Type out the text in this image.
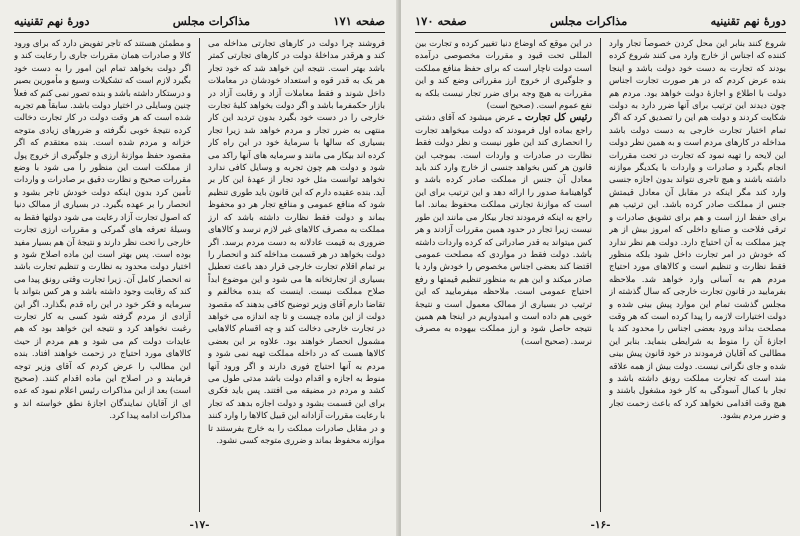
صفحه ۱۷۱
مذاکرات مجلس
دورهٔ نهم تقنینیه

فروشند چرا دولت در کارهای تجارتی مداخله می کند و هرقدر مداخلهٔ دولت در کارهای تجارتی کمتر باشد بهتر است. نتیجه این خواهد شد که خود تجار هر یک به قدر قوه و استعداد خودشان در معاملات داخل شوند و فقط معاملات آزاد و رقابت آزاد در بازار حکمفرما باشد و اگر دولت بخواهد کلیهٔ تجارت خارجی را در دست خود بگیرد بدون تردید این کار منتهی به ضرر تجار و مردم خواهد شد زیرا تجار بسیاری که سالها با سرمایهٔ خود در این راه کار کرده اند بیکار می مانند و سرمایه های آنها راکد می شود و دولت هم چون تجربه و وسایل کافی ندارد نخواهد توانست مثل خود تجار از عهدهٔ این کار بر آید. بنده عقیده دارم که این قانون باید طوری تنظیم شود که منافع عمومی و منافع تجار هر دو محفوظ بماند و دولت فقط نظارت داشته باشد که ارز مملکت به مصرف کالاهای غیر لازم نرسد و کالاهای ضروری به قیمت عادلانه به دست مردم برسد. اگر دولت بخواهد در هر قسمت مداخله کند و انحصار را بر تمام اقلام تجارت خارجی قرار دهد باعث تعطیل بسیاری از تجارتخانه ها می شود و این موضوع ابداً صلاح مملکت نیست. اینست که بنده مخالفم و تقاضا دارم آقای وزیر توضیح کافی بدهند که مقصود دولت از این ماده چیست و تا چه اندازه می خواهد در تجارت خارجی دخالت کند و چه اقسام کالاهایی مشمول انحصار خواهند بود. علاوه بر این بعضی کالاها هست که در داخله مملکت تهیه نمی شود و مردم به آنها احتیاج فوری دارند و اگر ورود آنها منوط به اجازه و اقدام دولت باشد مدتی طول می کشد و مردم در مضیقه می افتند. پس باید فکری برای این قسمت بشود و دولت اجازه بدهد که تجار با رعایت مقررات آزادانه این قبیل کالاها را وارد کنند و در مقابل صادرات مملکت را به خارج بفرستند تا موازنه محفوظ بماند و ضرری متوجه کسی نشود.

و مطمئن هستند که تاجر تفویض دارد که برای ورود کالا و صادرات همان مقررات جاری را رعایت کند و اگر دولت بخواهد تمام این امور را به دست خود بگیرد لازم است که تشکیلات وسیع و مأمورین بصیر و درستکار داشته باشد و بنده تصور نمی کنم که فعلاً چنین وسایلی در اختیار دولت باشد. سابقاً هم تجربه شده است که هر وقت دولت در کار تجارت دخالت کرده نتیجهٔ خوبی نگرفته و ضررهای زیادی متوجه خزانه و مردم شده است. بنده معتقدم که اگر مقصود حفظ موازنهٔ ارزی و جلوگیری از خروج پول از مملکت است این منظور را می شود با وضع مقررات صحیح و نظارت دقیق بر صادرات و واردات تأمین کرد بدون اینکه دولت خودش تاجر بشود و انحصار را بر عهده بگیرد. در بسیاری از ممالک دنیا که اصول تجارت آزاد رعایت می شود دولتها فقط به وسیلهٔ تعرفه های گمرکی و مقررات ارزی تجارت خارجی را تحت نظر دارند و نتیجهٔ آن هم بسیار مفید بوده است. پس بهتر است این ماده اصلاح شود و اختیار دولت محدود به نظارت و تنظیم تجارت باشد نه انحصار کامل آن. زیرا تجارت وقتی رونق پیدا می کند که رقابت وجود داشته باشد و هر کس بتواند با سرمایه و فکر خود در این راه قدم بگذارد. اگر این آزادی از مردم گرفته شود کسی به کار تجارت رغبت نخواهد کرد و نتیجه این خواهد بود که هم عایدات دولت کم می شود و هم مردم از حیث کالاهای مورد احتیاج در زحمت خواهند افتاد. بنده این مطالب را عرض کردم که آقای وزیر توجه فرمایند و در اصلاح این ماده اقدام کنند. (صحیح است) بعد از این مذاکرات رئیس اعلام نمود که عده ای از آقایان نمایندگان اجازهٔ نطق خواسته اند و مذاکرات ادامه پیدا کرد.

-۱۷-
دورهٔ نهم تقنینیه
مذاکرات مجلس
صفحه ۱۷۰

شروع کنند بنابر این محل کردن خصوصاً تجار وارد کننده که اجناس از خارج وارد می کنند شروع کرده بودند که تجارت به دست خود دولت باشد و اینجا بنده عرض کردم که در هر صورت تجارت اجناس دولت با اطلاع و اجازهٔ دولت خواهد بود. مردم هم چون دیدند این ترتیب برای آنها ضرر دارد به دولت شکایت کردند و دولت هم این را تصدیق کرد که اگر تمام اختیار تجارت خارجی به دست دولت باشد مداخله در کارهای مردم است و به همین نظر دولت این لایحه را تهیه نمود که تجارت در تحت مقررات انجام بگیرد و صادرات و واردات با یکدیگر موازنه داشته باشند و هیچ تاجری نتواند بدون اجازه جنسی وارد کند مگر اینکه در مقابل آن معادل قیمتش جنس از مملکت صادر کرده باشد. این ترتیب هم برای حفظ ارز است و هم برای تشویق صادرات و ترقی فلاحت و صنایع داخلی که امروز بیش از هر چیز مملکت به آن احتیاج دارد. دولت هم نظر ندارد که خودش در امر تجارت داخل شود بلکه منظور فقط نظارت و تنظیم است و کالاهای مورد احتیاج مردم هم به آسانی وارد خواهد شد. ملاحظه بفرمایید در قانون تجارت خارجی که سال گذشته از مجلس گذشت تمام این موارد پیش بینی شده و دولت اختیارات لازمه را پیدا کرده است که هر وقت مصلحت بداند ورود بعضی اجناس را محدود کند یا اجازهٔ آن را منوط به شرایطی بنماید. بنابر این مطالبی که آقایان فرمودند در خود قانون پیش بینی شده و جای نگرانی نیست. دولت بیش از همه علاقه مند است که تجارت مملکت رونق داشته باشد و تجار با کمال آسودگی به کار خود مشغول باشند و هیچ وقت اقدامی نخواهد کرد که باعث زحمت تجار و ضرر مردم بشود.

در این موقع که اوضاع دنیا تغییر کرده و تجارت بین المللی تحت قیود و مقررات مخصوصی درآمده است دولت ناچار است که برای حفظ منافع مملکت و جلوگیری از خروج ارز مقرراتی وضع کند و این مقررات به هیچ وجه برای ضرر تجار نیست بلکه به نفع عموم است. (صحیح است)

رئیس کل تجارت ـ عرض میشود که آقای دشتی راجع بماده اول فرمودند که دولت میخواهد تجارت را انحصاری کند این طور نیست و نظر دولت فقط نظارت در صادرات و واردات است. بموجب این قانون هر کس بخواهد جنسی از خارج وارد کند باید معادل آن جنس از مملکت صادر کرده باشد و گواهینامهٔ صدور را ارائه دهد و این ترتیب برای این است که موازنهٔ تجارتی مملکت محفوظ بماند. اما راجع به اینکه فرمودند تجار بیکار می مانند این طور نیست زیرا تجار در حدود همین مقررات آزادند و هر کس میتواند به قدر صادراتی که کرده واردات داشته باشد. دولت فقط در مواردی که مصلحت عمومی اقتضا کند بعضی اجناس مخصوص را خودش وارد یا صادر میکند و این هم به منظور تنظیم قیمتها و رفع احتیاج عمومی است. ملاحظه میفرمایید که این ترتیب در بسیاری از ممالک معمول است و نتیجهٔ خوبی هم داده است و امیدواریم در اینجا هم همین نتیجه حاصل شود و ارز مملکت بیهوده به مصرف نرسد. (صحیح است)

-۱۶-
